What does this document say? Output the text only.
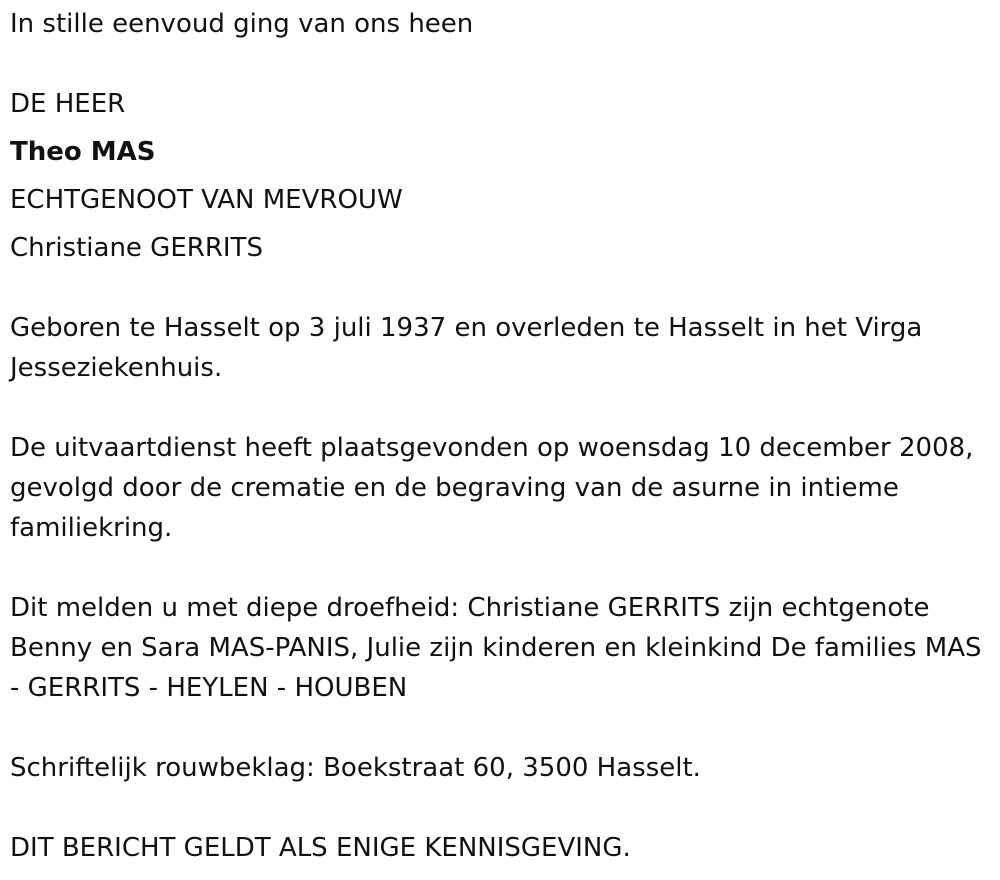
In stille eenvoud ging van ons heen

DE HEER

Theo MAS

ECHTGENOOT VAN MEVROUW

Christiane GERRITS

Geboren te Hasselt op 3 juli 1937 en overleden te Hasselt in het Virga Jesseziekenhuis.

De uitvaartdienst heeft plaatsgevonden op woensdag 10 december 2008, gevolgd door de crematie en de begraving van de asurne in intieme familiekring.

Dit melden u met diepe droefheid: Christiane GERRITS zijn echtgenote Benny en Sara MAS-PANIS, Julie zijn kinderen en kleinkind De families MAS - GERRITS - HEYLEN - HOUBEN

Schriftelijk rouwbeklag: Boekstraat 60, 3500 Hasselt.

DIT BERICHT GELDT ALS ENIGE KENNISGEVING.
